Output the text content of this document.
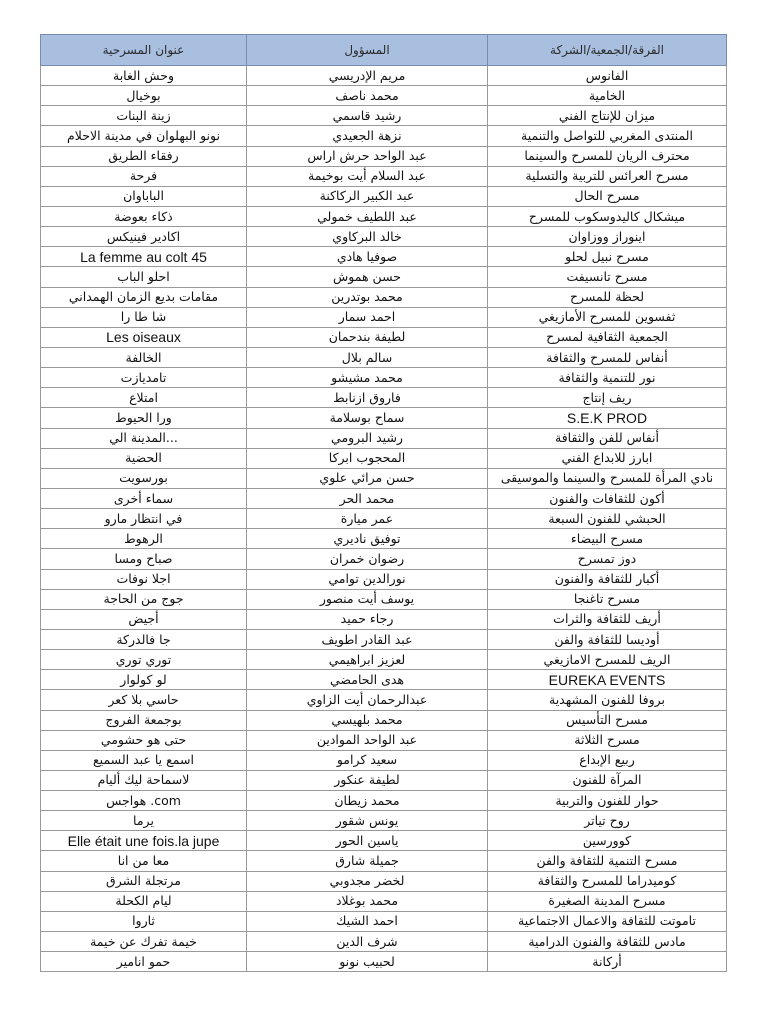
عنوان المسرحية	المسؤول	الفرقة/الجمعية/الشركة
وحش الغابة	مريم الإدريسي	الفانوس
بوخيال	محمد ناصف	الخامية
زينة البنات	رشيد قاسمي	ميزان للإنتاج الفني
نونو البهلوان في مدينة الاحلام	نزهة الجعيدي	المنتدى المغربي للتواصل والتنمية
رفقاء الطريق	عبد الواحد حرش اراس	محترف الريان للمسرح والسينما
فرحة	عبد السلام أيت بوخيمة	مسرح العرائس للتربية والتسلية
الباباوان	عبد الكبير الركاكنة	مسرح الحال
ذكاء بعوضة	عبد اللطيف خمولي	ميشكال كاليدوسكوب للمسرح
اكادير فينيكس	خالد البركاوي	اينوراز ووزاوان
La femme au colt 45	صوفيا هادي	مسرح نبيل لحلو
احلو الباب	حسن هموش	مسرح تانسيفت
مقامات بديع الزمان الهمداني	محمد بوتدرين	لحظة للمسرح
شا طا را	احمد سمار	ثفسوين للمسرح الأمازيغي
Les oiseaux	لطيفة بندحمان	الجمعية الثقافية لمسرح
الخالفة	سالم بلال	أنفاس للمسرح والثقافة
تامديازت	محمد مشيشو	نور للتنمية والثقافة
امتلاع	فاروق ازنابط	ريف إنتاج
ورا الحيوط	سماح بوسلامة	S.E.K PROD
المدينة الي...	رشيد البرومي	أنفاس للفن والثقافة
الحضية	المحجوب ابركا	ابارز للابداع الفني
بورسويت	حسن مرائي علوي	نادي المرأة للمسرح والسينما والموسيقى
سماء أخرى	محمد الحر	أكون للثقافات والفنون
في انتظار مارو	عمر ميارة	الحبشي للفنون السبعة
الرهوط	توفيق ناديري	مسرح البيضاء
صباح ومسا	رضوان خمران	دوز تمسرح
اجلا نوفات	نورالدين توامي	أكبار للثقافة والفنون
جوج من الحاجة	يوسف أيت منصور	مسرح تاغنجا
أجيض	رجاء حميد	أريف للثقافة والثرات
جا فالدركة	عبد القادر اطويف	أوديسا للثقافة والفن
توري توري	لعزيز ابراهيمي	الريف للمسرح الامازيغي
لو كولوار	هدى الحامضي	EUREKA EVENTS
حاسي بلا كعر	عبدالرحمان أيت الزاوي	بروفا للفنون المشهدية
بوجمعة الفروج	محمد بلهيسي	مسرح التأسيس
حتى هو حشومي	عبد الواحد الموادين	مسرح الثلاثة
اسمع يا عبد السميع	سعيد كرامو	ربيع الإبداع
لاسماحة ليك أليام	لطيفة عنكور	المرآة للفنون
هواجس .com	محمد زيطان	حوار للفنون والتربية
يرما	يونس شقور	روح تياتر
Elle était une fois.la jupe	ياسين الحور	كوورسين
معا من انا	جميلة شارق	مسرح التنمية للثقافة والفن
مرتجلة الشرق	لخضر مجدوبي	كوميدراما للمسرح والثقافة
ليام الكحلة	محمد بوغلاد	مسرح المدينة الصغيرة
ثاروا	احمد الشيك	تاموتت للثقافة والاعمال الاجتماعية
خيمة تفرك عن خيمة	شرف الدين	مادس للثقافة والفنون الدرامية
حمو انامير	لحبيب نونو	أركانة
